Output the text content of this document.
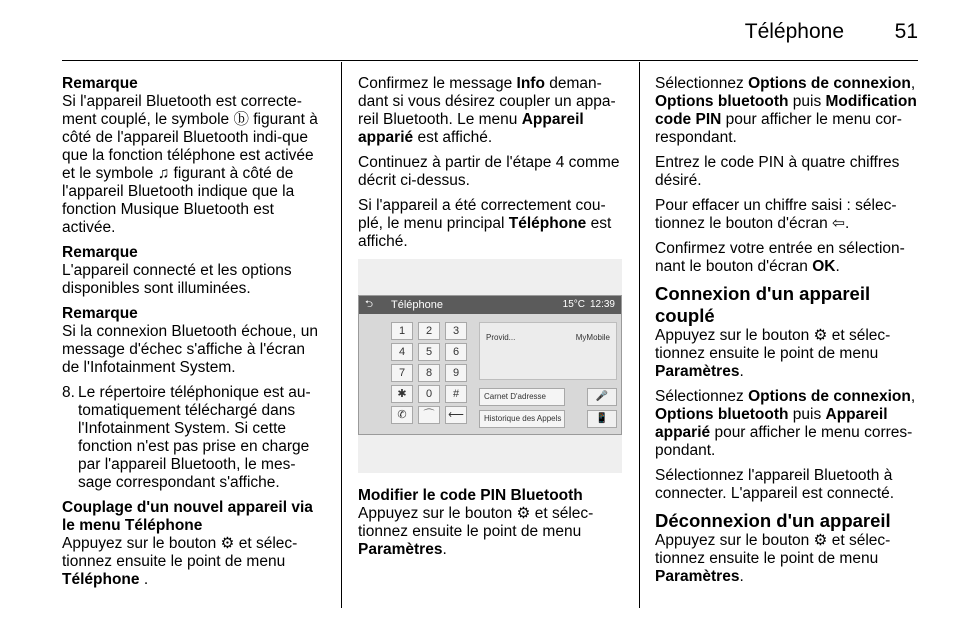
Téléphone 51
Remarque
Si l'appareil Bluetooth est correcte-ment couplé, le symbole ⓑ figurant à côté de l'appareil Bluetooth indi-que que la fonction téléphone est activée et le symbole ♫ figurant à côté de l'appareil Bluetooth indique que la fonction Musique Bluetooth est activée.
Remarque
L'appareil connecté et les options disponibles sont illuminées.
Remarque
Si la connexion Bluetooth échoue, un message d'échec s'affiche à l'écran de l'Infotainment System.
8. Le répertoire téléphonique est au-tomatiquement téléchargé dans l'Infotainment System. Si cette fonction n'est pas prise en charge par l'appareil Bluetooth, le mes-sage correspondant s'affiche.
Couplage d'un nouvel appareil via le menu Téléphone
Appuyez sur le bouton ⚙ et sélec-tionnez ensuite le point de menu
Téléphone .
Confirmez le message Info deman-dant si vous désirez coupler un appa-reil Bluetooth. Le menu Appareil apparié est affiché.
Continuez à partir de l'étape 4 comme décrit ci-dessus.
Si l'appareil a été correctement cou-plé, le menu principal Téléphone est affiché.
⮌ Téléphone	15°C 12:39
1	2	3
4	5	6
7	8	9
✱	0	#
✆	⌒	⟵
Provid...	MyMobile
Carnet D'adresse
Historique des Appels
🎤
📱
Modifier le code PIN Bluetooth
Appuyez sur le bouton ⚙ et sélec-tionnez ensuite le point de menu Paramètres.
Sélectionnez Options de connexion, Options bluetooth puis Modification code PIN pour afficher le menu cor-respondant.
Entrez le code PIN à quatre chiffres désiré.
Pour effacer un chiffre saisi : sélec-tionnez le bouton d'écran ⇦.
Confirmez votre entrée en sélection-nant le bouton d'écran OK.
Connexion d'un appareil couplé
Appuyez sur le bouton ⚙ et sélec-tionnez ensuite le point de menu Paramètres.
Sélectionnez Options de connexion, Options bluetooth puis Appareil apparié pour afficher le menu corres-pondant.
Sélectionnez l'appareil Bluetooth à connecter. L'appareil est connecté.
Déconnexion d'un appareil
Appuyez sur le bouton ⚙ et sélec-tionnez ensuite le point de menu Paramètres.
